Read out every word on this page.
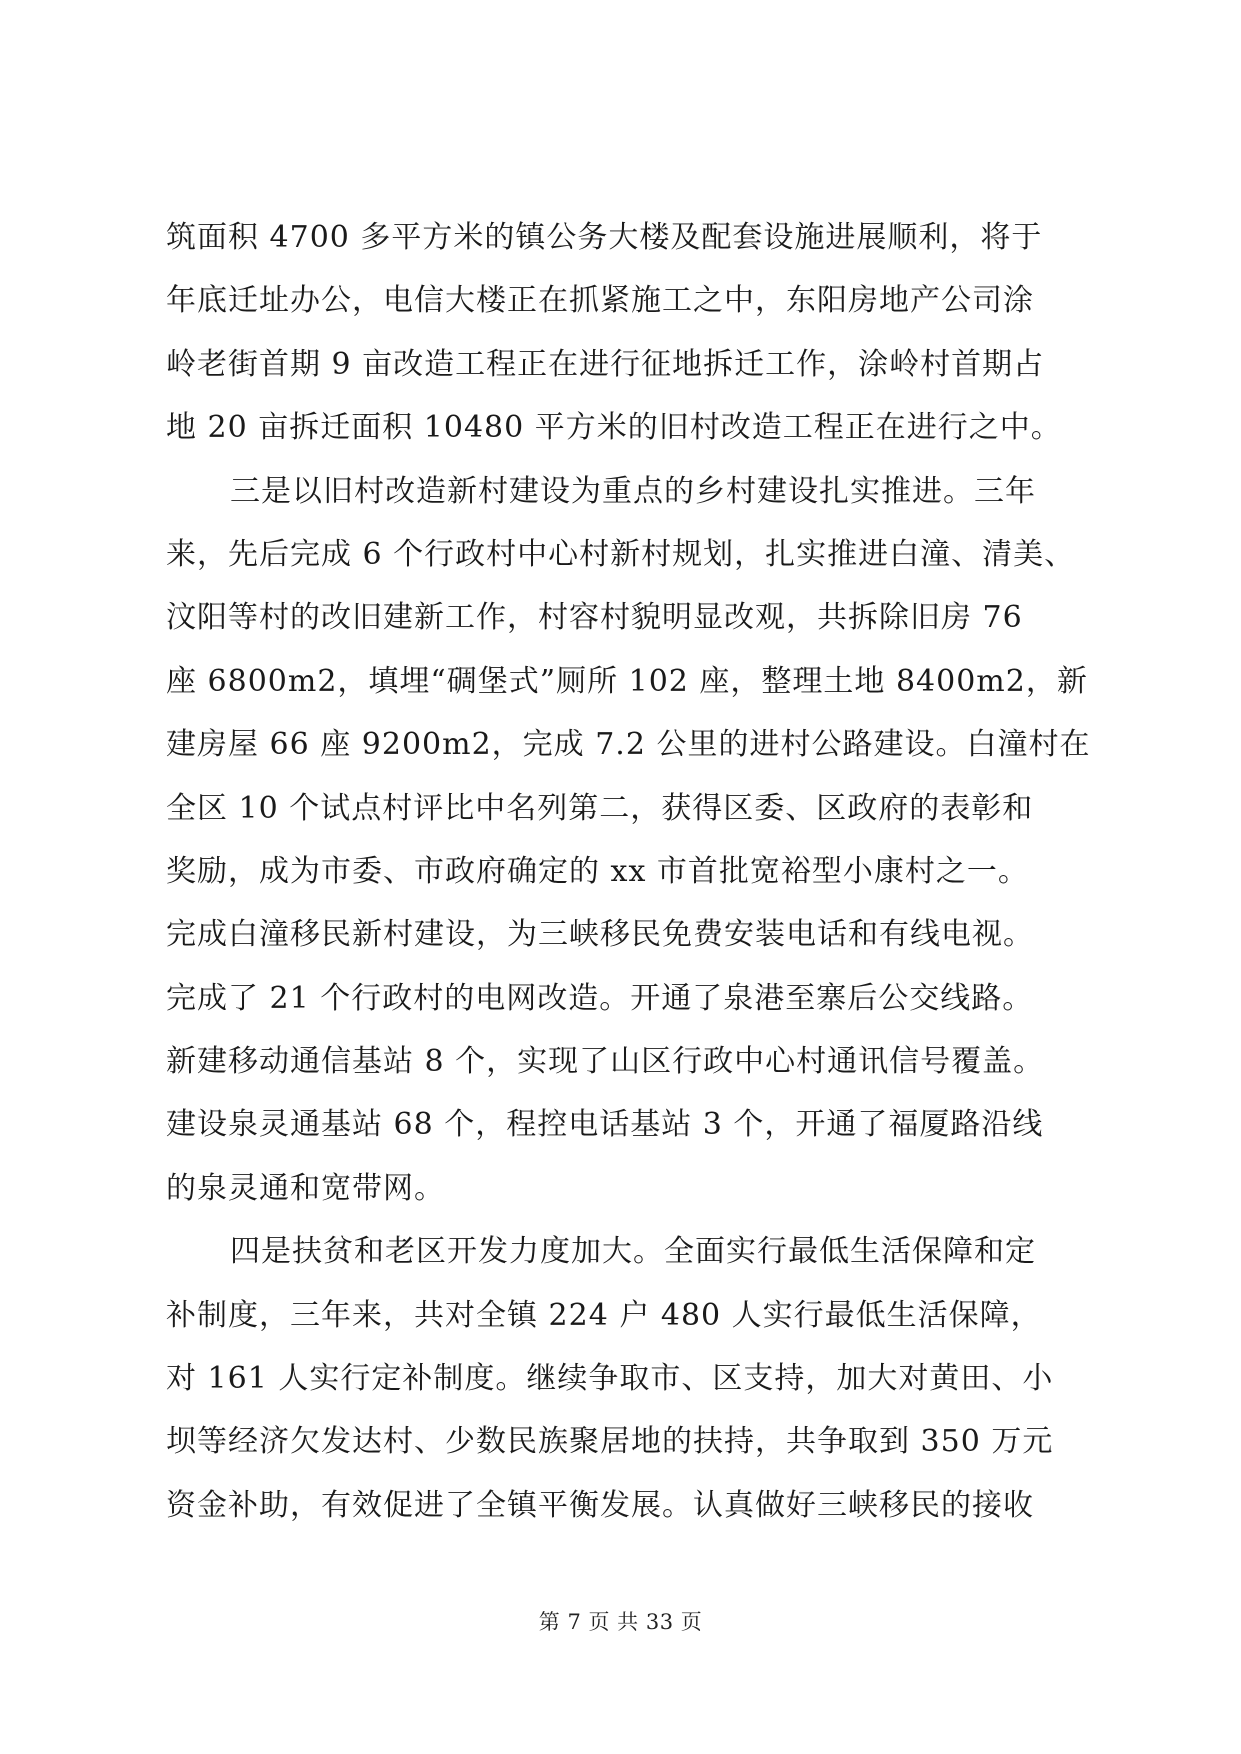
筑面积 4700 多平方米的镇公务大楼及配套设施进展顺利，将于
年底迁址办公，电信大楼正在抓紧施工之中，东阳房地产公司涂
岭老街首期 9 亩改造工程正在进行征地拆迁工作，涂岭村首期占
地 20 亩拆迁面积 10480 平方米的旧村改造工程正在进行之中。
三是以旧村改造新村建设为重点的乡村建设扎实推进。三年
来，先后完成 6 个行政村中心村新村规划，扎实推进白潼、清美、
汶阳等村的改旧建新工作，村容村貌明显改观，共拆除旧房 76
座 6800m2，填埋“碉堡式”厕所 102 座，整理土地 8400m2，新
建房屋 66 座 9200m2，完成 7.2 公里的进村公路建设。白潼村在
全区 10 个试点村评比中名列第二，获得区委、区政府的表彰和
奖励，成为市委、市政府确定的 xx 市首批宽裕型小康村之一。
完成白潼移民新村建设，为三峡移民免费安装电话和有线电视。
完成了 21 个行政村的电网改造。开通了泉港至寨后公交线路。
新建移动通信基站 8 个，实现了山区行政中心村通讯信号覆盖。
建设泉灵通基站 68 个，程控电话基站 3 个，开通了福厦路沿线
的泉灵通和宽带网。
四是扶贫和老区开发力度加大。全面实行最低生活保障和定
补制度，三年来，共对全镇 224 户 480 人实行最低生活保障，
对 161 人实行定补制度。继续争取市、区支持，加大对黄田、小
坝等经济欠发达村、少数民族聚居地的扶持，共争取到 350 万元
资金补助，有效促进了全镇平衡发展。认真做好三峡移民的接收
第 7 页 共 33 页
